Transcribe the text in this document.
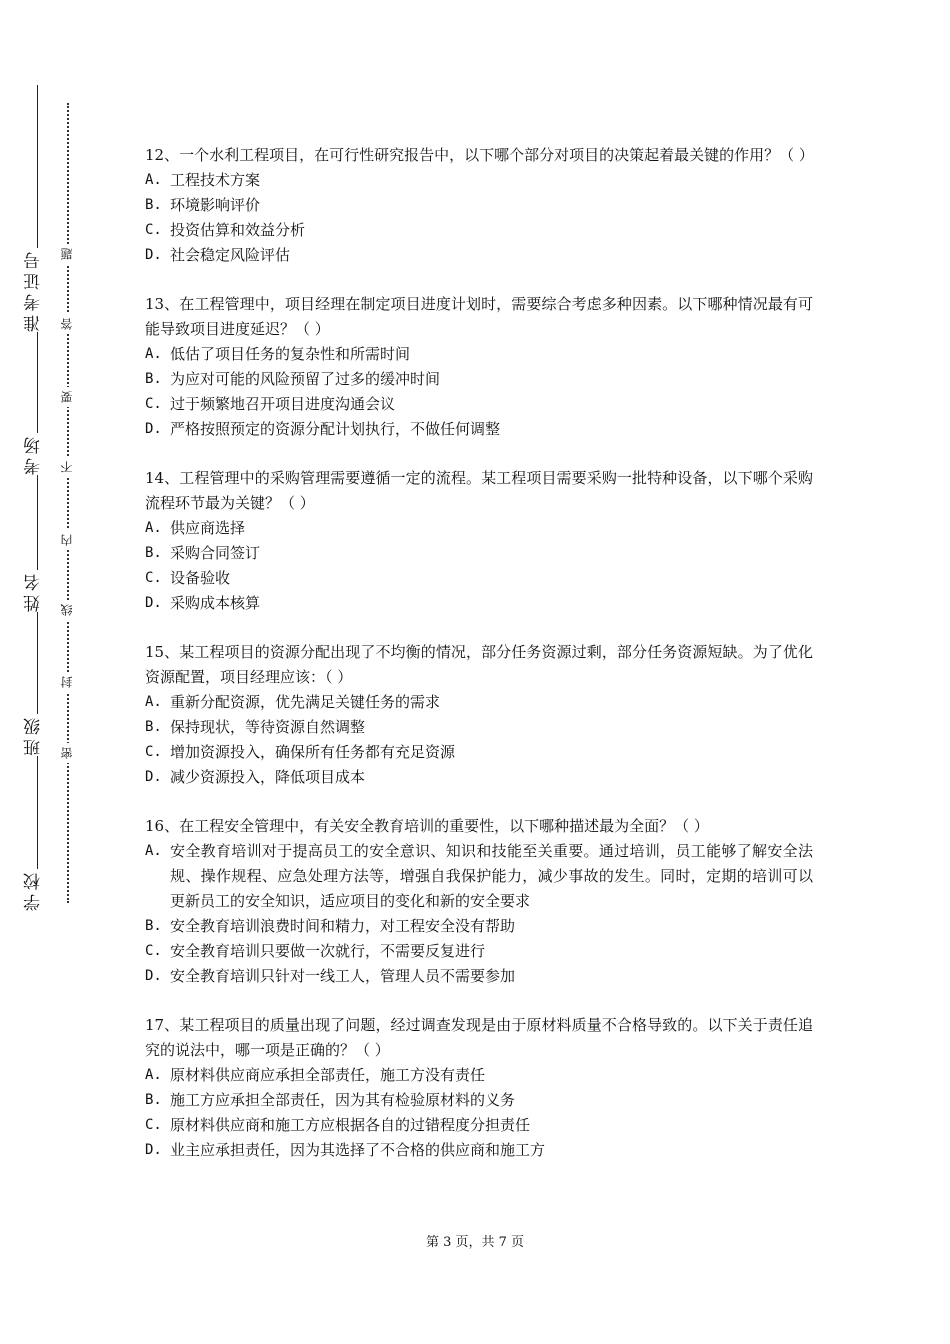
准考证号
考场
姓名
班级
学校
题
答
要
不
内
线
封
密

12、一个水利工程项目，在可行性研究报告中，以下哪个部分对项目的决策起着最关键的作用？（ ）

A. 工程技术方案
B. 环境影响评价
C. 投资估算和效益分析
D. 社会稳定风险评估

13、在工程管理中，项目经理在制定项目进度计划时，需要综合考虑多种因素。以下哪种情况最有可能导致项目进度延迟？（ ）

A. 低估了项目任务的复杂性和所需时间
B. 为应对可能的风险预留了过多的缓冲时间
C. 过于频繁地召开项目进度沟通会议
D. 严格按照预定的资源分配计划执行，不做任何调整

14、工程管理中的采购管理需要遵循一定的流程。某工程项目需要采购一批特种设备，以下哪个采购流程环节最为关键？（ ）

A. 供应商选择
B. 采购合同签订
C. 设备验收
D. 采购成本核算

15、某工程项目的资源分配出现了不均衡的情况，部分任务资源过剩，部分任务资源短缺。为了优化资源配置，项目经理应该：（ ）

A. 重新分配资源，优先满足关键任务的需求
B. 保持现状，等待资源自然调整
C. 增加资源投入，确保所有任务都有充足资源
D. 减少资源投入，降低项目成本

16、在工程安全管理中，有关安全教育培训的重要性，以下哪种描述最为全面？（ ）

A. 安全教育培训对于提高员工的安全意识、知识和技能至关重要。通过培训，员工能够了解安全法规、操作规程、应急处理方法等，增强自我保护能力，减少事故的发生。同时，定期的培训可以更新员工的安全知识，适应项目的变化和新的安全要求
B. 安全教育培训浪费时间和精力，对工程安全没有帮助
C. 安全教育培训只要做一次就行，不需要反复进行
D. 安全教育培训只针对一线工人，管理人员不需要参加

17、某工程项目的质量出现了问题，经过调查发现是由于原材料质量不合格导致的。以下关于责任追究的说法中，哪一项是正确的？（ ）

A. 原材料供应商应承担全部责任，施工方没有责任
B. 施工方应承担全部责任，因为其有检验原材料的义务
C. 原材料供应商和施工方应根据各自的过错程度分担责任
D. 业主应承担责任，因为其选择了不合格的供应商和施工方
第 3 页，共 7 页
